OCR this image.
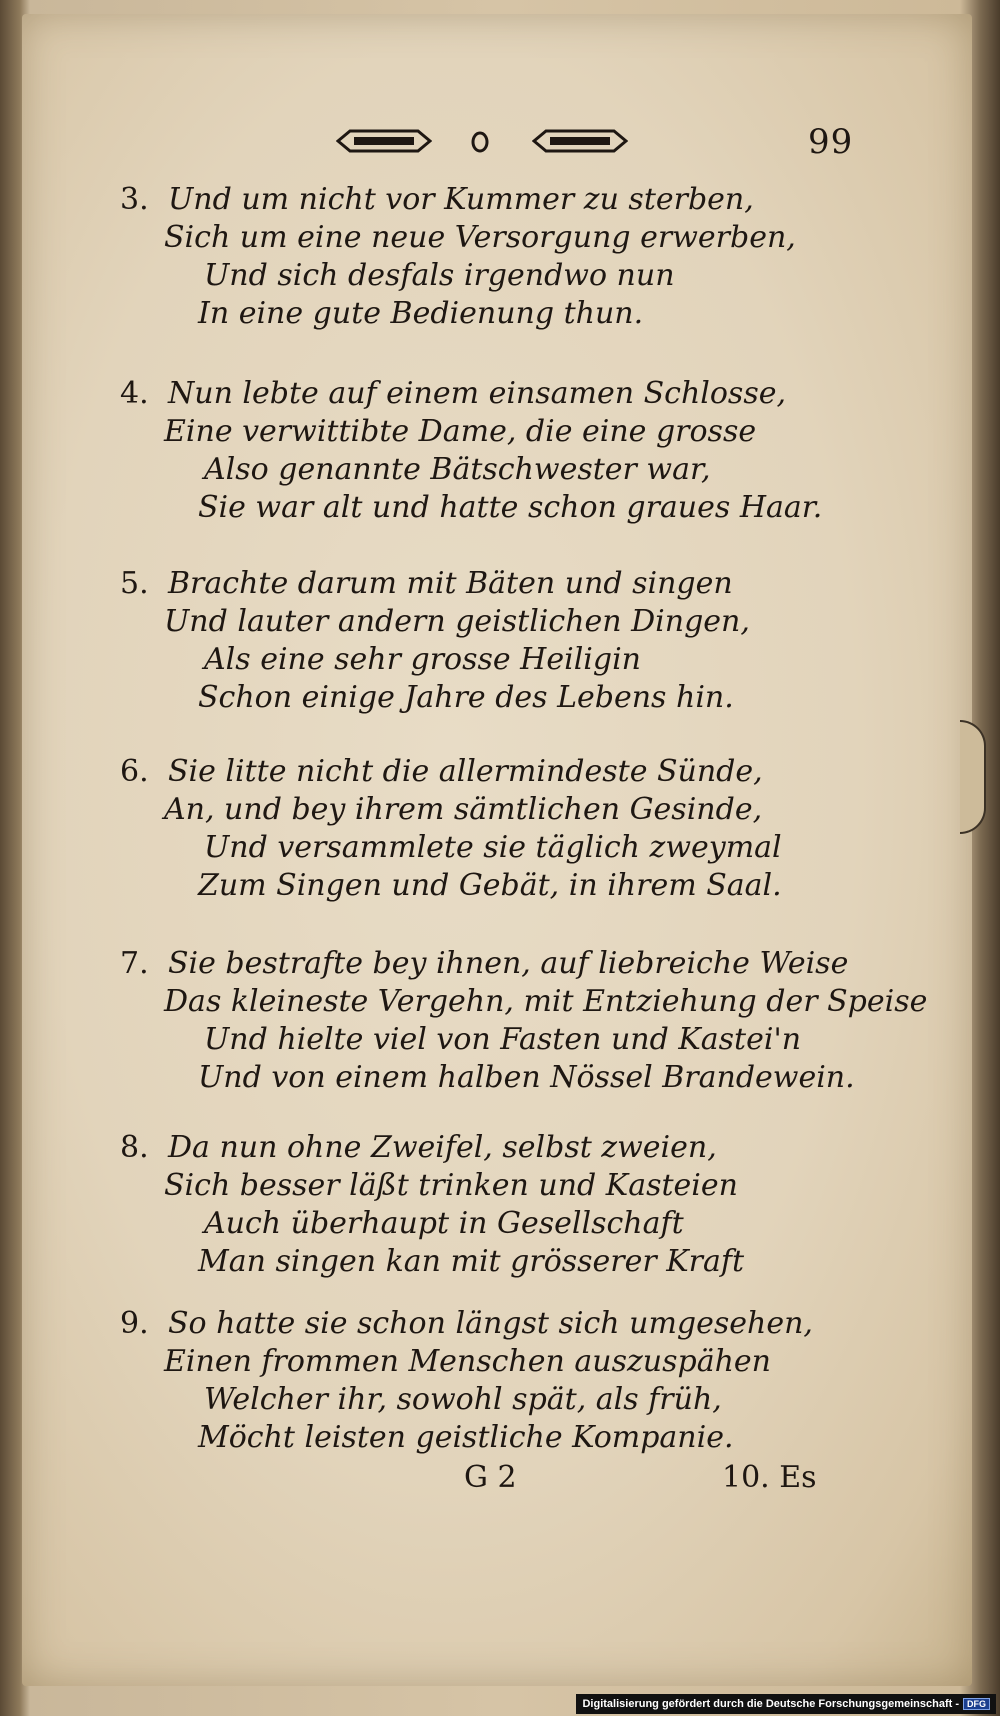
99
3. Und um nicht vor Kummer zu sterben,
Sich um eine neue Versorgung erwerben,
Und sich desfals irgendwo nun
In eine gute Bedienung thun.
4. Nun lebte auf einem einsamen Schlosse,
Eine verwittibte Dame, die eine grosse
Also genannte Bätschwester war,
Sie war alt und hatte schon graues Haar.
5. Brachte darum mit Bäten und singen
Und lauter andern geistlichen Dingen,
Als eine sehr grosse Heiligin
Schon einige Jahre des Lebens hin.
6. Sie litte nicht die allermindeste Sünde,
An, und bey ihrem sämtlichen Gesinde,
Und versammlete sie täglich zweymal
Zum Singen und Gebät, in ihrem Saal.
7. Sie bestrafte bey ihnen, auf liebreiche Weise
Das kleineste Vergehn, mit Entziehung der Speise
Und hielte viel von Fasten und Kastei'n
Und von einem halben Nössel Brandewein.
8. Da nun ohne Zweifel, selbst zweien,
Sich besser läßt trinken und Kasteien
Auch überhaupt in Gesellschaft
Man singen kan mit grösserer Kraft
9. So hatte sie schon längst sich umgesehen,
Einen frommen Menschen auszuspähen
Welcher ihr, sowohl spät, als früh,
Möcht leisten geistliche Kompanie.
G 2	10. Es
Digitalisierung gefördert durch die Deutsche Forschungsgemeinschaft - DFG
